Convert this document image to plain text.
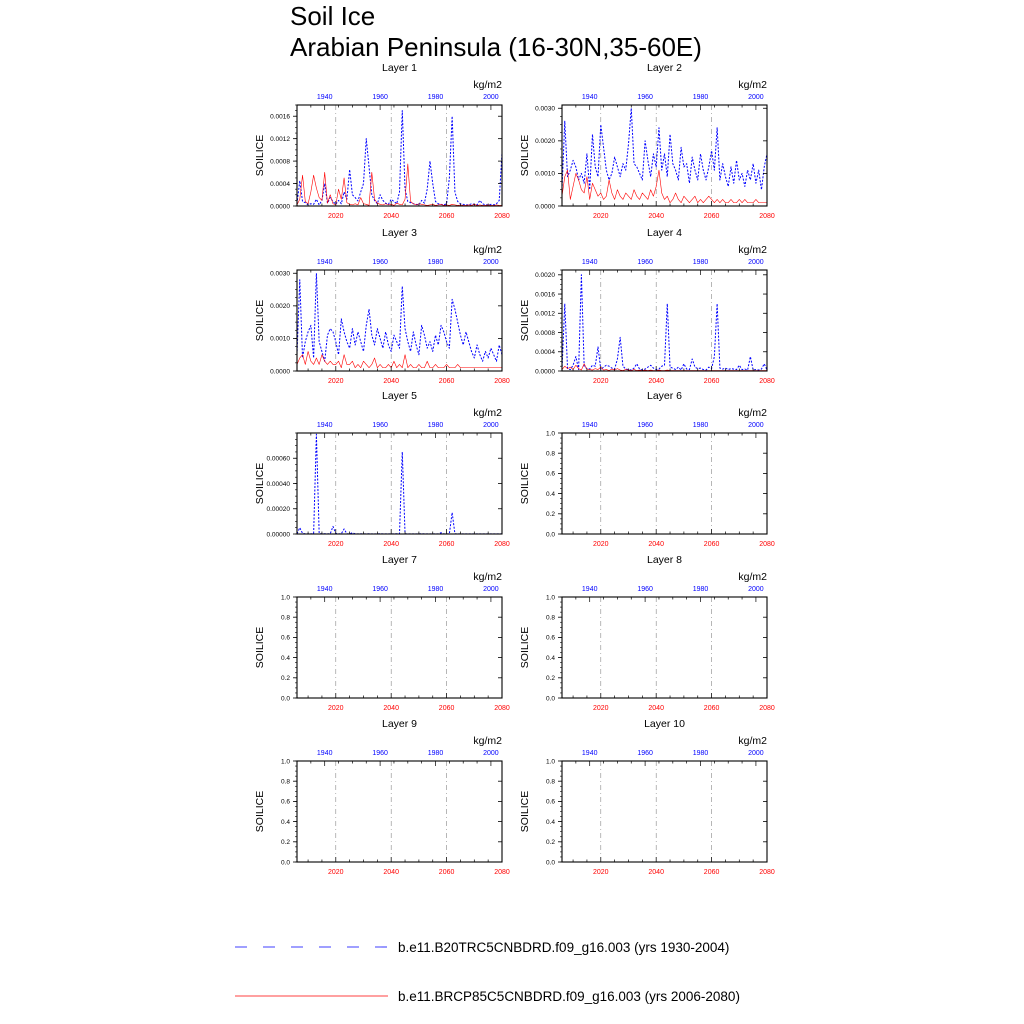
Soil Ice
Arabian Peninsula (16-30N,35-60E)
Layer 1
kg/m2
SOILICE
0.0000
0.0004
0.0008
0.0012
0.0016
2020	2040	2060	2080
1940	1960	1980	2000
Layer 2
kg/m2
SOILICE
0.0000
0.0010
0.0020
0.0030
2020	2040	2060	2080
1940	1960	1980	2000
Layer 3
kg/m2
SOILICE
0.0000
0.0010
0.0020
0.0030
2020	2040	2060	2080
1940	1960	1980	2000
Layer 4
kg/m2
SOILICE
0.0000
0.0004
0.0008
0.0012
0.0016
0.0020
2020	2040	2060	2080
1940	1960	1980	2000
Layer 5
kg/m2
SOILICE
0.00000
0.00020
0.00040
0.00060
2020	2040	2060	2080
1940	1960	1980	2000
Layer 6
kg/m2
SOILICE
0.0
0.2
0.4
0.6
0.8
1.0
2020	2040	2060	2080
1940	1960	1980	2000
Layer 7
kg/m2
SOILICE
0.0
0.2
0.4
0.6
0.8
1.0
2020	2040	2060	2080
1940	1960	1980	2000
Layer 8
kg/m2
SOILICE
0.0
0.2
0.4
0.6
0.8
1.0
2020	2040	2060	2080
1940	1960	1980	2000
Layer 9
kg/m2
SOILICE
0.0
0.2
0.4
0.6
0.8
1.0
2020	2040	2060	2080
1940	1960	1980	2000
Layer 10
kg/m2
SOILICE
0.0
0.2
0.4
0.6
0.8
1.0
2020	2040	2060	2080
1940	1960	1980	2000
b.e11.B20TRC5CNBDRD.f09_g16.003 (yrs 1930-2004)
b.e11.BRCP85C5CNBDRD.f09_g16.003 (yrs 2006-2080)
